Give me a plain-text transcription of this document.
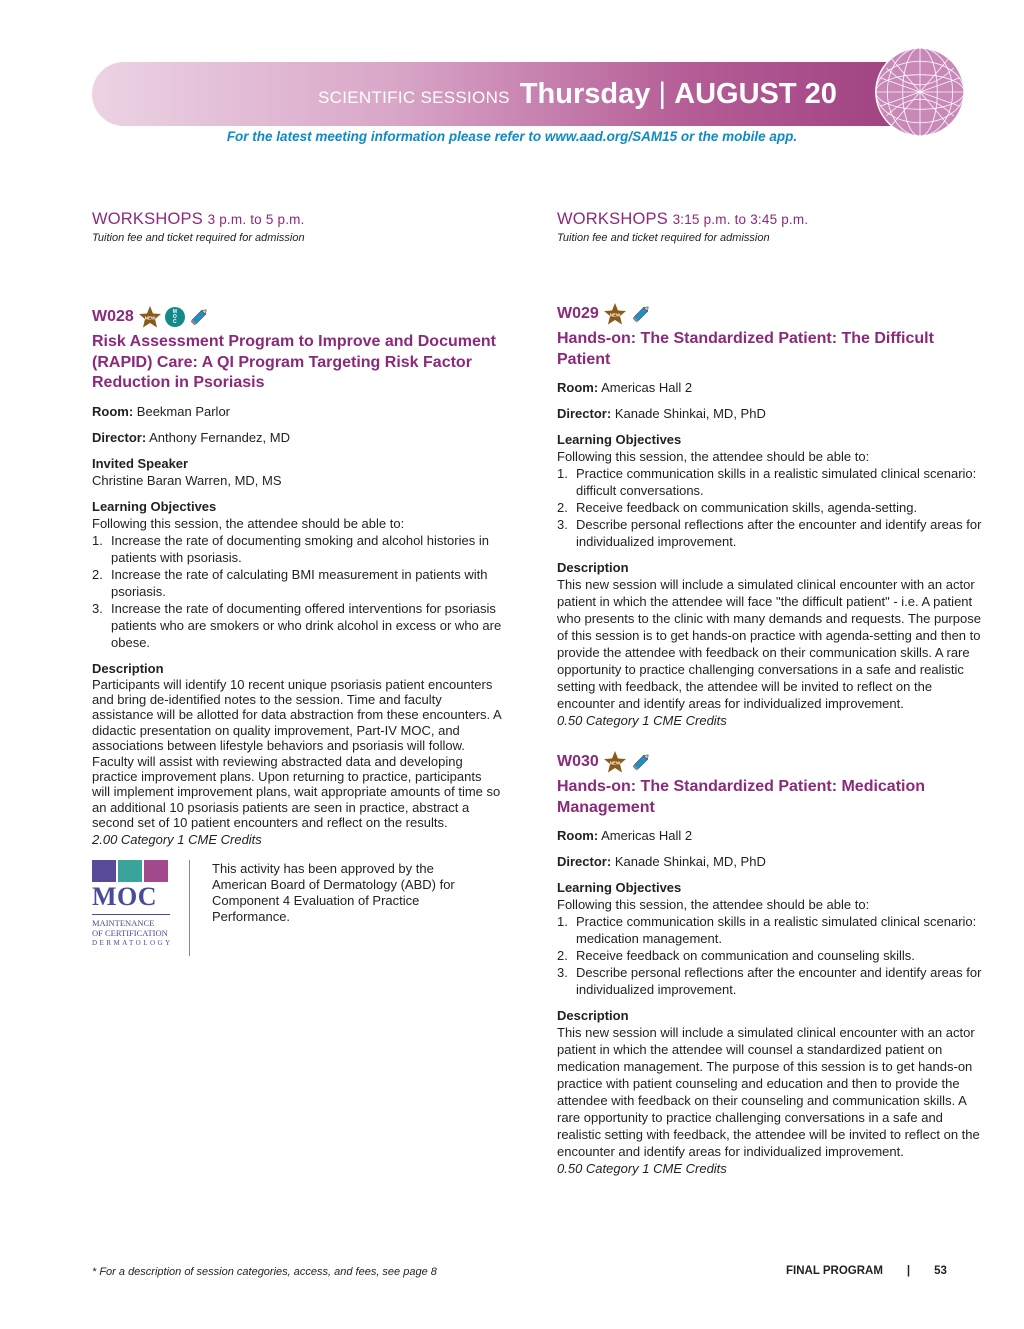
SCIENTIFIC SESSIONS Thursday | AUGUST 20
For the latest meeting information please refer to www.aad.org/SAM15 or the mobile app.
WORKSHOPS 3 p.m. to 5 p.m.
Tuition fee and ticket required for admission
W028 NEW
M
O
C
Risk Assessment Program to Improve and Document (RAPID) Care: A QI Program Targeting Risk Factor Reduction in Psoriasis
Room: Beekman Parlor
Director: Anthony Fernandez, MD
Invited Speaker
Christine Baran Warren, MD, MS
Learning Objectives
Following this session, the attendee should be able to:
1. Increase the rate of documenting smoking and alcohol histories in patients with psoriasis.
2. Increase the rate of calculating BMI measurement in patients with psoriasis.
3. Increase the rate of documenting offered interventions for psoriasis patients who are smokers or who drink alcohol in excess or who are obese.
Description
Participants will identify 10 recent unique psoriasis patient encounters and bring de-identified notes to the session. Time and faculty assistance will be allotted for data abstraction from these encounters. A didactic presentation on quality improvement, Part-IV MOC, and associations between lifestyle behaviors and psoriasis will follow. Faculty will assist with reviewing abstracted data and developing practice improvement plans. Upon returning to practice, participants will implement improvement plans, wait appropriate amounts of time so an additional 10 psoriasis patients are seen in practice, abstract a second set of 10 patient encounters and reflect on the results.
2.00 Category 1 CME Credits
MOC
MAINTENANCE
OF CERTIFICATION
DERMATOLOGY
This activity has been approved by the American Board of Dermatology (ABD) for Component 4 Evaluation of Practice Performance.
WORKSHOPS 3:15 p.m. to 3:45 p.m.
Tuition fee and ticket required for admission
W029 NEW
Hands-on: The Standardized Patient: The Difficult Patient
Room: Americas Hall 2
Director: Kanade Shinkai, MD, PhD
Learning Objectives
Following this session, the attendee should be able to:
1. Practice communication skills in a realistic simulated clinical scenario: difficult conversations.
2. Receive feedback on communication skills, agenda-setting.
3. Describe personal reflections after the encounter and identify areas for individualized improvement.
Description
This new session will include a simulated clinical encounter with an actor patient in which the attendee will face "the difficult patient" - i.e. A patient who presents to the clinic with many demands and requests. The purpose of this session is to get hands-on practice with agenda-setting and then to provide the attendee with feedback on their communication skills. A rare opportunity to practice challenging conversations in a safe and realistic setting with feedback, the attendee will be invited to reflect on the encounter and identify areas for individualized improvement.
0.50 Category 1 CME Credits
W030 NEW
Hands-on: The Standardized Patient: Medication Management
Room: Americas Hall 2
Director: Kanade Shinkai, MD, PhD
Learning Objectives
Following this session, the attendee should be able to:
1. Practice communication skills in a realistic simulated clinical scenario: medication management.
2. Receive feedback on communication and counseling skills.
3. Describe personal reflections after the encounter and identify areas for individualized improvement.
Description
This new session will include a simulated clinical encounter with an actor patient in which the attendee will counsel a standardized patient on medication management. The purpose of this session is to get hands-on practice with patient counseling and education and then to provide the attendee with feedback on their counseling and communication skills. A rare opportunity to practice challenging conversations in a safe and realistic setting with feedback, the attendee will be invited to reflect on the encounter and identify areas for individualized improvement.
0.50 Category 1 CME Credits
* For a description of session categories, access, and fees, see page 8	FINAL PROGRAM | 53
